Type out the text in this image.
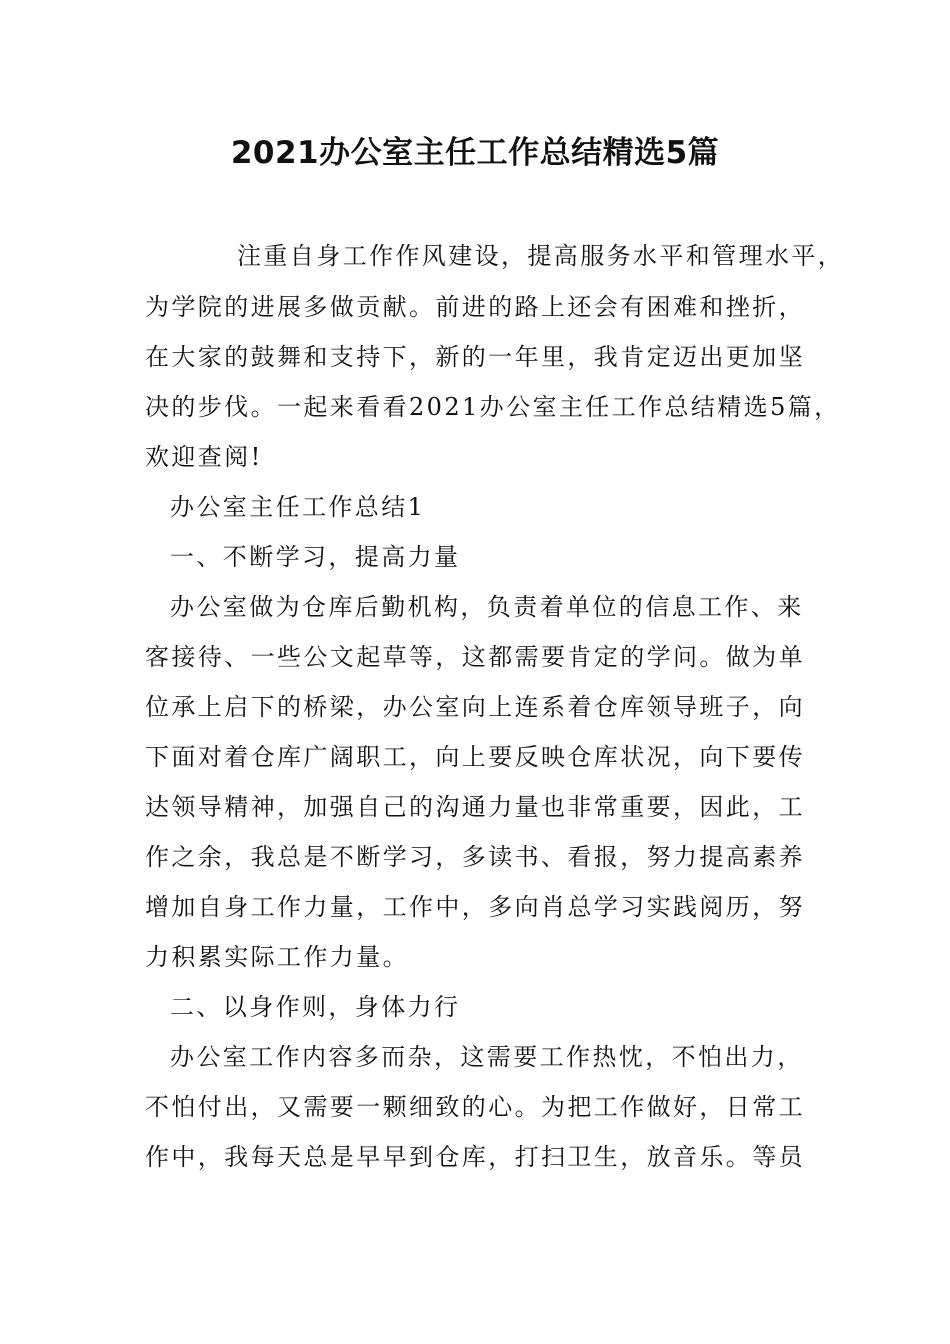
2021办公室主任工作总结精选5篇
注重自身工作作风建设，提高服务水平和管理水平，
为学院的进展多做贡献。前进的路上还会有困难和挫折，
在大家的鼓舞和支持下，新的一年里，我肯定迈出更加坚
决的步伐。一起来看看2021办公室主任工作总结精选5篇，
欢迎查阅!
办公室主任工作总结1
一、不断学习，提高力量
办公室做为仓库后勤机构，负责着单位的信息工作、来
客接待、一些公文起草等，这都需要肯定的学问。做为单
位承上启下的桥梁，办公室向上连系着仓库领导班子，向
下面对着仓库广阔职工，向上要反映仓库状况，向下要传
达领导精神，加强自己的沟通力量也非常重要，因此，工
作之余，我总是不断学习，多读书、看报，努力提高素养
增加自身工作力量，工作中，多向肖总学习实践阅历，努
力积累实际工作力量。
二、以身作则，身体力行
办公室工作内容多而杂，这需要工作热忱，不怕出力，
不怕付出，又需要一颗细致的心。为把工作做好，日常工
作中，我每天总是早早到仓库，打扫卫生，放音乐。等员
